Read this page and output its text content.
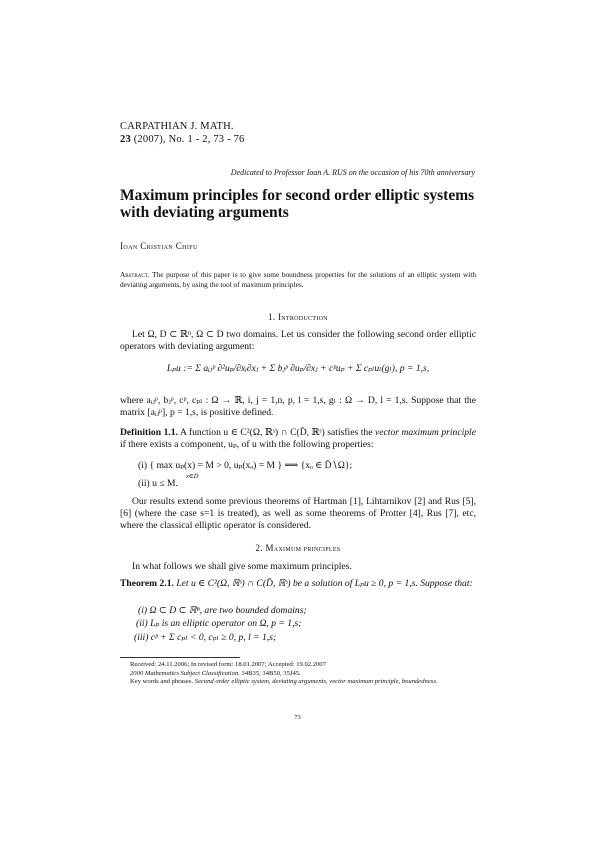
CARPATHIAN J. MATH.
23 (2007), No. 1 - 2, 73 - 76
Dedicated to Professor Ioan A. RUS on the occasion of his 70th anniversary
Maximum principles for second order elliptic systems with deviating arguments
Ioan Cristian Chifu
Abstract. The purpose of this paper is to give some boundness properties for the solutions of an elliptic system with deviating arguments, by using the tool of maximum principles.
1. Introduction
Let Ω, D ⊂ ℝⁿ, Ω ⊂ D two domains. Let us consider the following second order elliptic operators with deviating argument:
Lₚu := Σ aᵢⱼᵖ ∂²uₚ/∂xᵢ∂xⱼ + Σ bⱼᵖ ∂uₚ/∂xⱼ + cᵖuₚ + Σ cₚₗuₗ(gₗ), p = 1,s,
where aᵢⱼᵖ, bⱼᵖ, cᵖ, cₚₗ : Ω → ℝ, i, j = 1,n, p, l = 1,s, gₗ : Ω → D, l = 1,s. Suppose that the matrix [aᵢⱼᵖ], p = 1,s, is positive defined.
Definition 1.1. A function u ∈ C²(Ω, ℝˢ) ∩ C(D̄, ℝˢ) satisfies the vector maximum principle if there exists a component, uₚ, of u with the following properties:
(i) { max uₚ(x) = M > 0, uₚ(xₒ) = M } ⟹ {xₒ ∈ D̄∖Ω};
x∈D̄
(ii) u ≤ M.
Our results extend some previous theorems of Hartman [1], Lihtarnikov [2] and Rus [5], [6] (where the case s=1 is treated), as well as some theorems of Protter [4], Rus [7], etc, where the classical elliptic operator is considered.
2. Maximum principles
In what follows we shall give some maximum principles.
Theorem 2.1. Let u ∈ C²(Ω, ℝˢ) ∩ C(D̄, ℝˢ) be a solution of Lₚu ≥ 0, p = 1,s. Suppose that:
(i) Ω ⊂ D ⊂ ℝⁿ, are two bounded domains;
(ii) Lₚ is an elliptic operator on Ω, p = 1,s;
(iii) cᵖ + Σ cₚₗ < 0, cₚₗ ≥ 0, p, l = 1,s;
Received: 24.11.2006; In revised form: 18.01.2007; Accepted: 19.02.2007
2000 Mathematics Subject Classification. 34B35, 34B50, 35J45.
Key words and phrases. Second order elliptic system, deviating arguments, vector maximum principle, boundedness.
73
